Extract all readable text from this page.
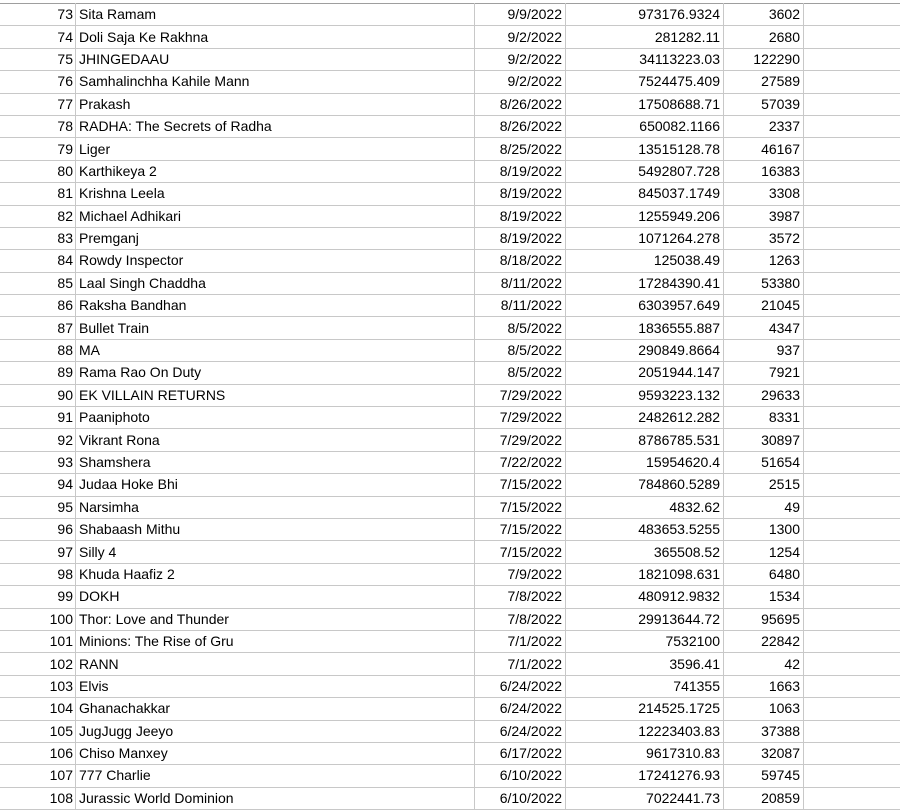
73	Sita Ramam	9/9/2022	973176.9324	3602	
74	Doli Saja Ke Rakhna	9/2/2022	281282.11	2680	
75	JHINGEDAAU	9/2/2022	34113223.03	122290	
76	Samhalinchha Kahile Mann	9/2/2022	7524475.409	27589	
77	Prakash	8/26/2022	17508688.71	57039	
78	RADHA: The Secrets of Radha	8/26/2022	650082.1166	2337	
79	Liger	8/25/2022	13515128.78	46167	
80	Karthikeya 2	8/19/2022	5492807.728	16383	
81	Krishna Leela	8/19/2022	845037.1749	3308	
82	Michael Adhikari	8/19/2022	1255949.206	3987	
83	Premganj	8/19/2022	1071264.278	3572	
84	Rowdy Inspector	8/18/2022	125038.49	1263	
85	Laal Singh Chaddha	8/11/2022	17284390.41	53380	
86	Raksha Bandhan	8/11/2022	6303957.649	21045	
87	Bullet Train	8/5/2022	1836555.887	4347	
88	MA	8/5/2022	290849.8664	937	
89	Rama Rao On Duty	8/5/2022	2051944.147	7921	
90	EK VILLAIN RETURNS	7/29/2022	9593223.132	29633	
91	Paaniphoto	7/29/2022	2482612.282	8331	
92	Vikrant Rona	7/29/2022	8786785.531	30897	
93	Shamshera	7/22/2022	15954620.4	51654	
94	Judaa Hoke Bhi	7/15/2022	784860.5289	2515	
95	Narsimha	7/15/2022	4832.62	49	
96	Shabaash Mithu	7/15/2022	483653.5255	1300	
97	Silly 4	7/15/2022	365508.52	1254	
98	Khuda Haafiz 2	7/9/2022	1821098.631	6480	
99	DOKH	7/8/2022	480912.9832	1534	
100	Thor: Love and Thunder	7/8/2022	29913644.72	95695	
101	Minions: The Rise of Gru	7/1/2022	7532100	22842	
102	RANN	7/1/2022	3596.41	42	
103	Elvis	6/24/2022	741355	1663	
104	Ghanachakkar	6/24/2022	214525.1725	1063	
105	JugJugg Jeeyo	6/24/2022	12223403.83	37388	
106	Chiso Manxey	6/17/2022	9617310.83	32087	
107	777 Charlie	6/10/2022	17241276.93	59745	
108	Jurassic World Dominion	6/10/2022	7022441.73	20859	
